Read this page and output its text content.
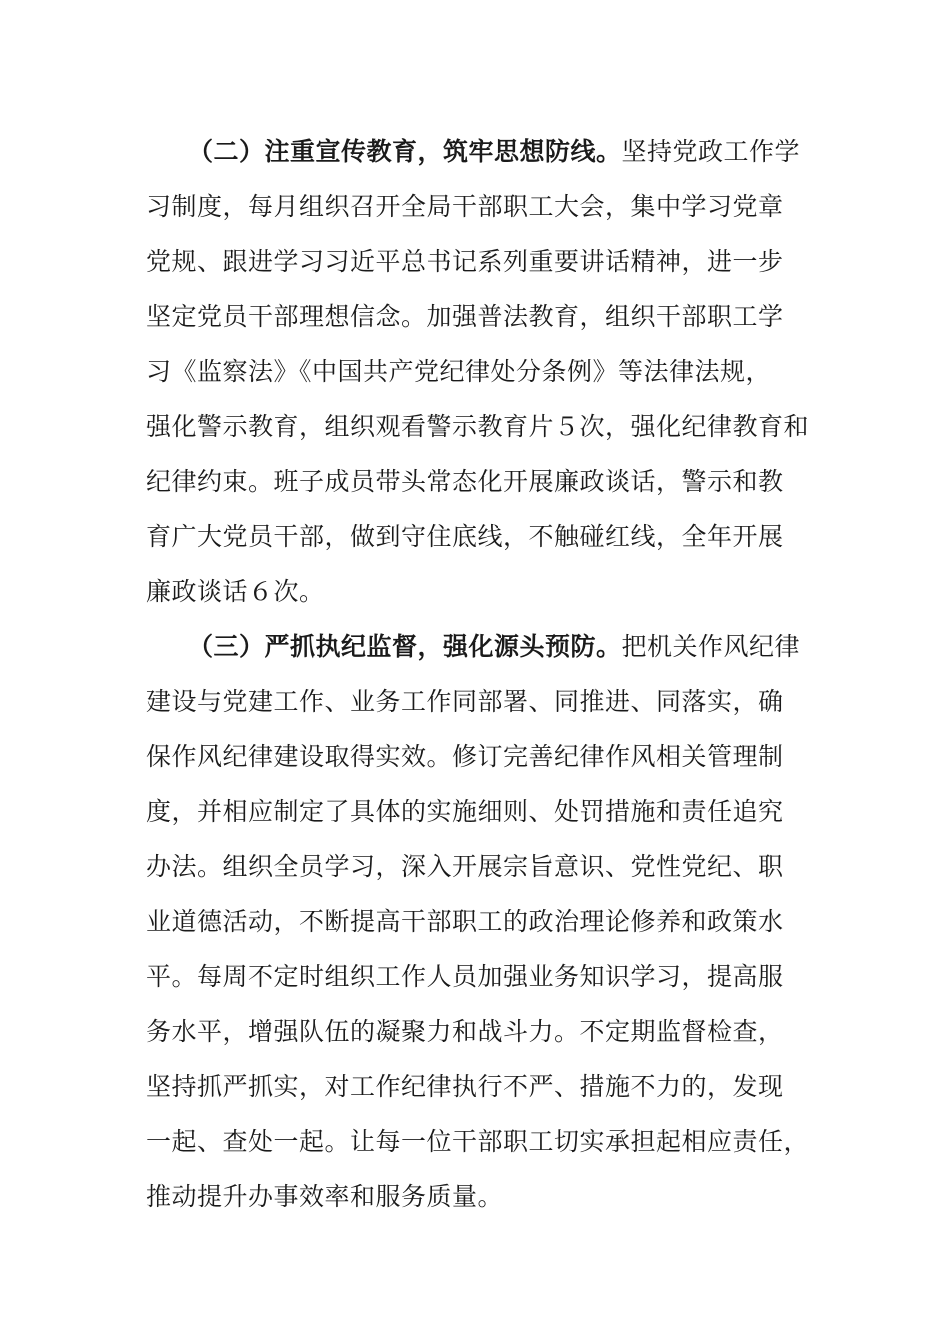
（二）注重宣传教育，筑牢思想防线。坚持党政工作学
习制度，每月组织召开全局干部职工大会，集中学习党章
党规、跟进学习习近平总书记系列重要讲话精神，进一步
坚定党员干部理想信念。加强普法教育，组织干部职工学
习《监察法》《中国共产党纪律处分条例》等法律法规，
强化警示教育，组织观看警示教育片５次，强化纪律教育和
纪律约束。班子成员带头常态化开展廉政谈话，警示和教
育广大党员干部，做到守住底线，不触碰红线，全年开展
廉政谈话６次。
（三）严抓执纪监督，强化源头预防。把机关作风纪律
建设与党建工作、业务工作同部署、同推进、同落实，确
保作风纪律建设取得实效。修订完善纪律作风相关管理制
度，并相应制定了具体的实施细则、处罚措施和责任追究
办法。组织全员学习，深入开展宗旨意识、党性党纪、职
业道德活动，不断提高干部职工的政治理论修养和政策水
平。每周不定时组织工作人员加强业务知识学习，提高服
务水平，增强队伍的凝聚力和战斗力。不定期监督检查，
坚持抓严抓实，对工作纪律执行不严、措施不力的，发现
一起、查处一起。让每一位干部职工切实承担起相应责任，
推动提升办事效率和服务质量。
